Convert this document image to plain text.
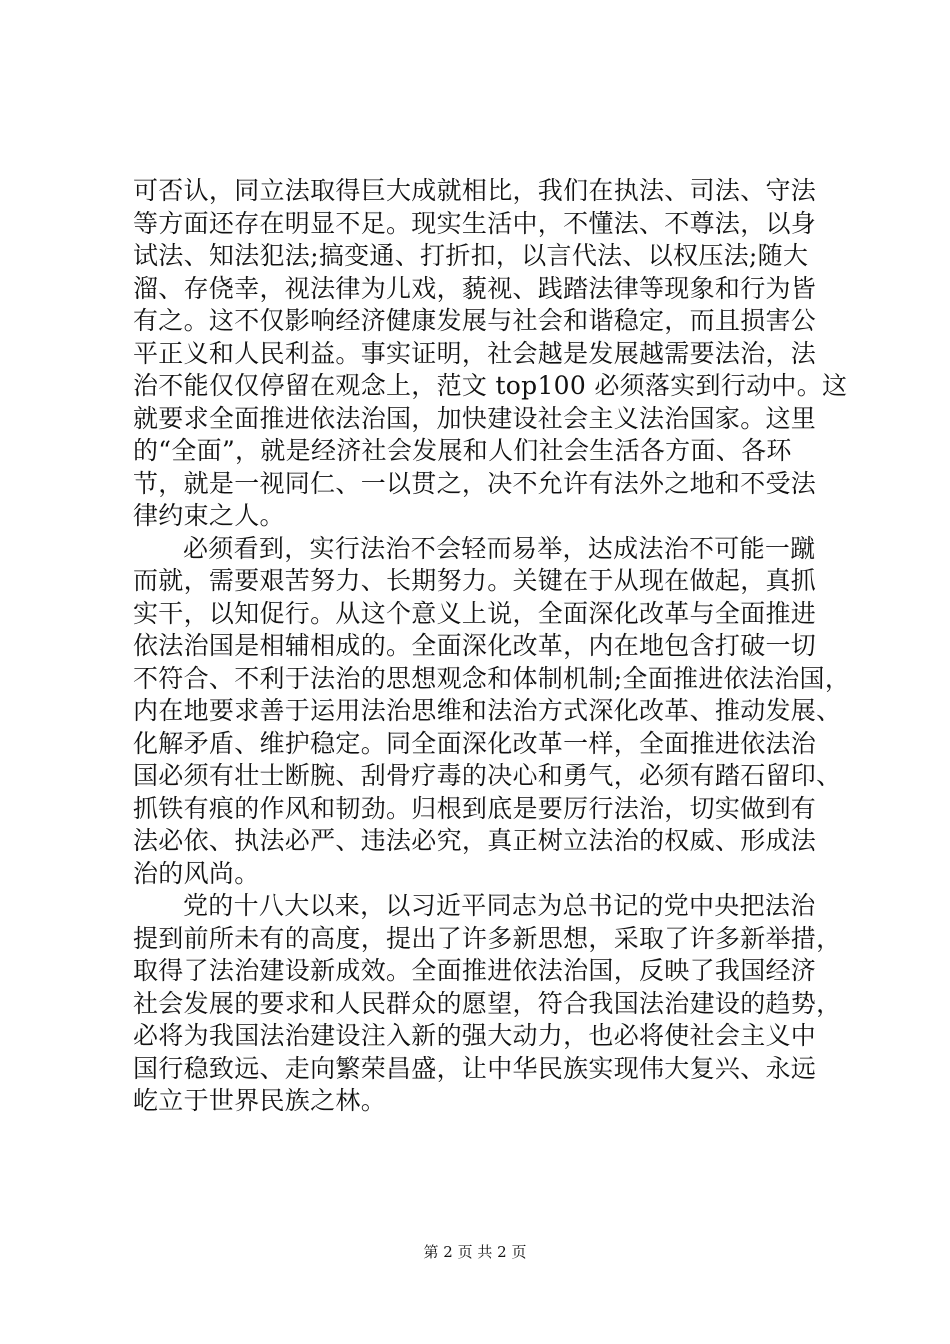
可否认，同立法取得巨大成就相比，我们在执法、司法、守法
等方面还存在明显不足。现实生活中，不懂法、不尊法，以身
试法、知法犯法;搞变通、打折扣，以言代法、以权压法;随大
溜、存侥幸，视法律为儿戏，藐视、践踏法律等现象和行为皆
有之。这不仅影响经济健康发展与社会和谐稳定，而且损害公
平正义和人民利益。事实证明，社会越是发展越需要法治，法
治不能仅仅停留在观念上，范文 top100 必须落实到行动中。这
就要求全面推进依法治国，加快建设社会主义法治国家。这里
的“全面”，就是经济社会发展和人们社会生活各方面、各环
节，就是一视同仁、一以贯之，决不允许有法外之地和不受法
律约束之人。
必须看到，实行法治不会轻而易举，达成法治不可能一蹴
而就，需要艰苦努力、长期努力。关键在于从现在做起，真抓
实干，以知促行。从这个意义上说，全面深化改革与全面推进
依法治国是相辅相成的。全面深化改革，内在地包含打破一切
不符合、不利于法治的思想观念和体制机制;全面推进依法治国，
内在地要求善于运用法治思维和法治方式深化改革、推动发展、
化解矛盾、维护稳定。同全面深化改革一样，全面推进依法治
国必须有壮士断腕、刮骨疗毒的决心和勇气，必须有踏石留印、
抓铁有痕的作风和韧劲。归根到底是要厉行法治，切实做到有
法必依、执法必严、违法必究，真正树立法治的权威、形成法
治的风尚。
党的十八大以来，以习近平同志为总书记的党中央把法治
提到前所未有的高度，提出了许多新思想，采取了许多新举措，
取得了法治建设新成效。全面推进依法治国，反映了我国经济
社会发展的要求和人民群众的愿望，符合我国法治建设的趋势，
必将为我国法治建设注入新的强大动力，也必将使社会主义中
国行稳致远、走向繁荣昌盛，让中华民族实现伟大复兴、永远
屹立于世界民族之林。
第 2 页 共 2 页
